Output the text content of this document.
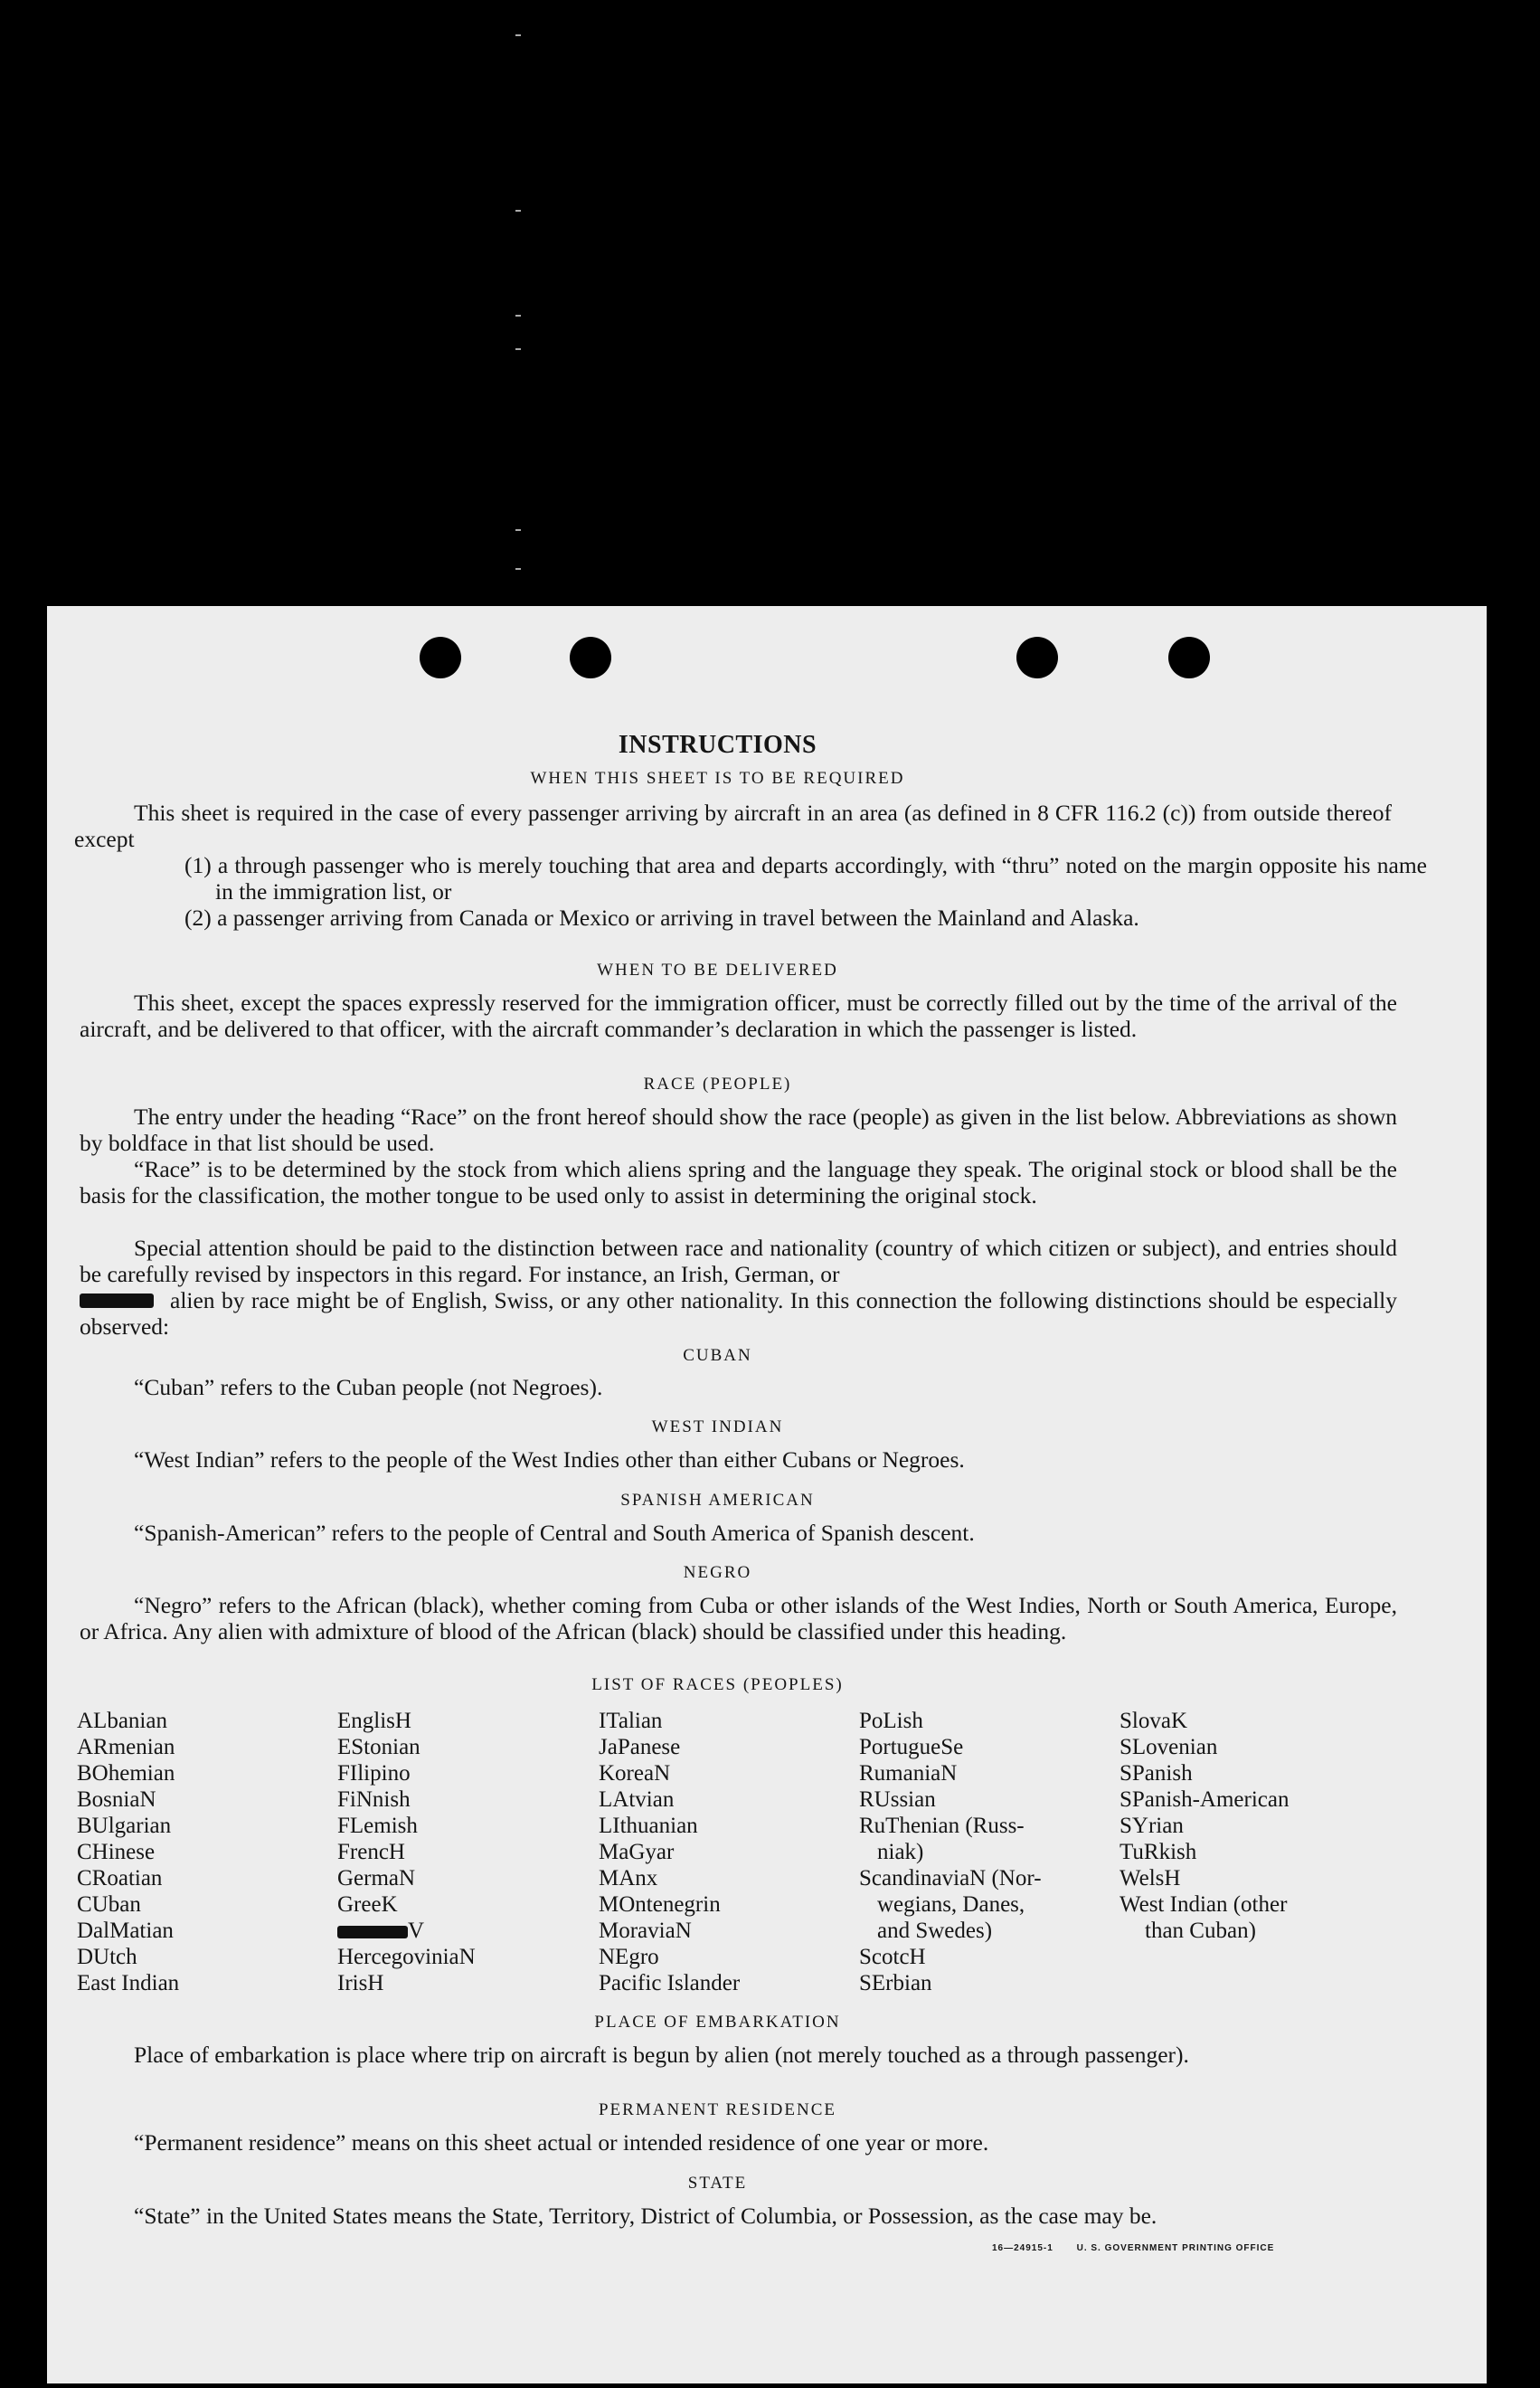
INSTRUCTIONS
WHEN THIS SHEET IS TO BE REQUIRED
This sheet is required in the case of every passenger arriving by aircraft in an area (as defined in 8 CFR 116.2 (c)) from outside thereof except
(1) a through passenger who is merely touching that area and departs accordingly, with “thru” noted on the margin opposite his name in the immigration list, or
(2) a passenger arriving from Canada or Mexico or arriving in travel between the Mainland and Alaska.
WHEN TO BE DELIVERED
This sheet, except the spaces expressly reserved for the immigration officer, must be correctly filled out by the time of the arrival of the aircraft, and be delivered to that officer, with the aircraft commander’s declaration in which the passenger is listed.
RACE (PEOPLE)
The entry under the heading “Race” on the front hereof should show the race (people) as given in the list below. Abbreviations as shown by boldface in that list should be used.
“Race” is to be determined by the stock from which aliens spring and the language they speak. The original stock or blood shall be the basis for the classification, the mother tongue to be used only to assist in determining the original stock.
Special attention should be paid to the distinction between race and nationality (country of which citizen or subject), and entries should be carefully revised by inspectors in this regard. For instance, an Irish, German, or
alien by race might be of English, Swiss, or any other nationality. In this connection the following distinctions should be especially observed:
CUBAN
“Cuban” refers to the Cuban people (not Negroes).
WEST INDIAN
“West Indian” refers to the people of the West Indies other than either Cubans or Negroes.
SPANISH AMERICAN
“Spanish-American” refers to the people of Central and South America of Spanish descent.
NEGRO
“Negro” refers to the African (black), whether coming from Cuba or other islands of the West Indies, North or South America, Europe, or Africa. Any alien with admixture of blood of the African (black) should be classified under this heading.
LIST OF RACES (PEOPLES)
ALbanian
ARmenian
BOhemian
BosniaN
BUlgarian
CHinese
CRoatian
CUban
DalMatian
DUtch
East Indian
EnglisH
EStonian
FIlipino
FiNnish
FLemish
FrencH
GermaN
GreeK
V
HercegoviniaN
IrisH
ITalian
JaPanese
KoreaN
LAtvian
LIthuanian
MaGyar
MAnx
MOntenegrin
MoraviaN
NEgro
Pacific Islander
PoLish
PortugueSe
RumaniaN
RUssian
RuThenian (Russ-
niak)
ScandinaviaN (Nor-
wegians, Danes,
and Swedes)
ScotcH
SErbian
SlovaK
SLovenian
SPanish
SPanish-American
SYrian
TuRkish
WelsH
West Indian (other
than Cuban)
PLACE OF EMBARKATION
Place of embarkation is place where trip on aircraft is begun by alien (not merely touched as a through passenger).
PERMANENT RESIDENCE
“Permanent residence” means on this sheet actual or intended residence of one year or more.
STATE
“State” in the United States means the State, Territory, District of Columbia, or Possession, as the case may be.
16—24915-1	U. S. GOVERNMENT PRINTING OFFICE
